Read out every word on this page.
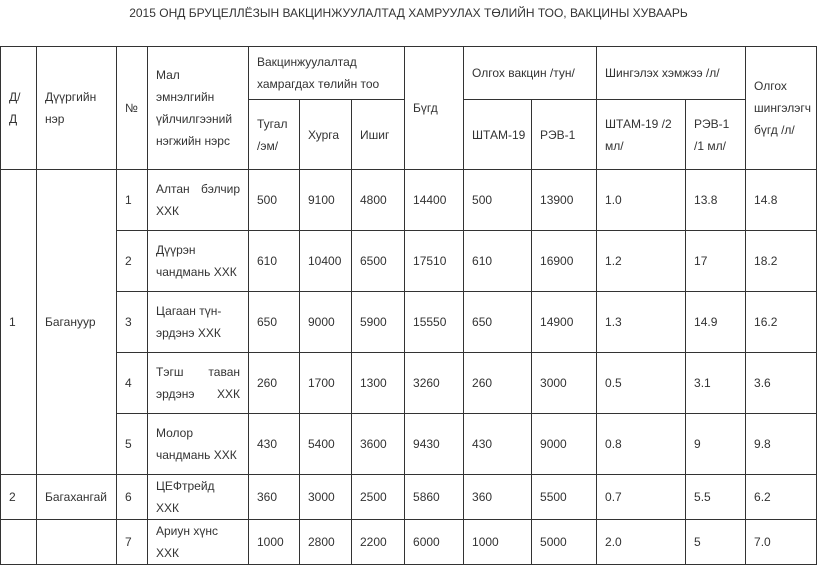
2015 ОНД БРУЦЕЛЛЁЗЫН ВАКЦИНЖУУЛАЛТАД ХАМРУУЛАХ ТӨЛИЙН ТОО, ВАКЦИНЫ ХУВААРЬ
Д/Д	Дүүргийн нэр	№	Мал эмнэлгийн үйлчилгээний нэгжийн нэрс	Вакцинжуулалтад хамрагдах төлийн тоо			Бүгд	Олгох вакцин /тун/		Шингэлэх хэмжээ /л/		Олгох шингэлэгч бүгд /л/
				Тугал /эм/	Хурга	Ишиг		ШТАМ-19	РЭВ-1	ШТАМ-19 /2 мл/	РЭВ-1 /1 мл/	
1	Багануур	1	Алтан бэлчир ХХК	500	9100	4800	14400	500	13900	1.0	13.8	14.8
		2	Дүүрэн чандмань ХХК	610	10400	6500	17510	610	16900	1.2	17	18.2
		3	Цагаан түн-эрдэнэ ХХК	650	9000	5900	15550	650	14900	1.3	14.9	16.2
		4	Тэгш таван эрдэнэ ХХК	260	1700	1300	3260	260	3000	0.5	3.1	3.6
		5	Молор чандмань ХХК	430	5400	3600	9430	430	9000	0.8	9	9.8
2	Багахангай	6	ЦЕФтрейд ХХК	360	3000	2500	5860	360	5500	0.7	5.5	6.2
		7	Ариун хүнс ХХК	1000	2800	2200	6000	1000	5000	2.0	5	7.0
